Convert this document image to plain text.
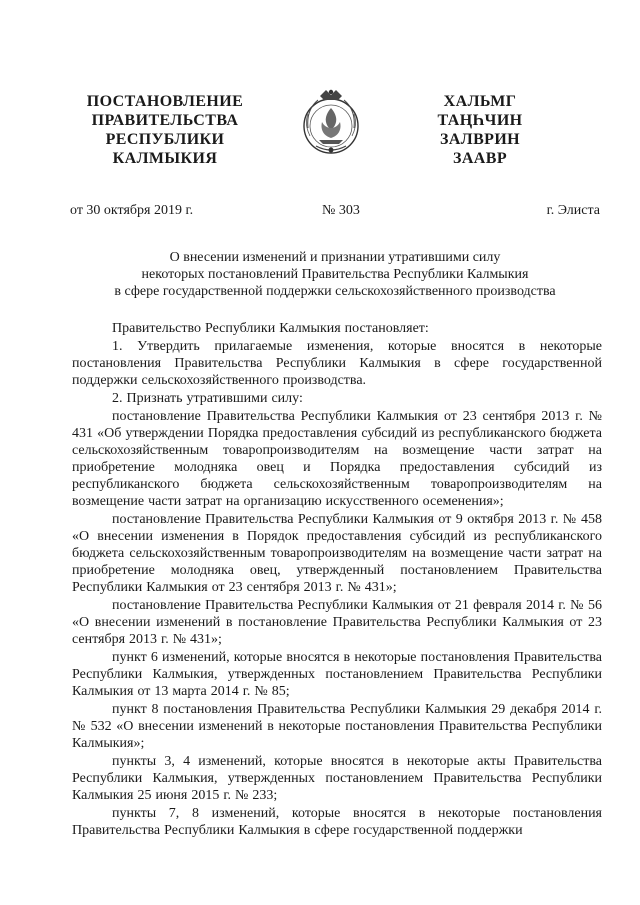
ПОСТАНОВЛЕНИЕ
ПРАВИТЕЛЬСТВА
РЕСПУБЛИКИ
КАЛМЫКИЯ
ХАЛЬМГ
ТАҢҺЧИН
ЗАЛВРИН
ЗААВР
от 30 октября 2019 г.	№ 303	г. Элиста
О внесении изменений и признании утратившими силу
некоторых постановлений Правительства Республики Калмыкия
в сфере государственной поддержки сельскохозяйственного производства

Правительство Республики Калмыкия постановляет:

1. Утвердить прилагаемые изменения, которые вносятся в некоторые постановления Правительства Республики Калмыкия в сфере государственной поддержки сельскохозяйственного производства.

2. Признать утратившими силу:

постановление Правительства Республики Калмыкия от 23 сентября 2013 г. № 431 «Об утверждении Порядка предоставления субсидий из республиканского бюджета сельскохозяйственным товаропроизводителям на возмещение части затрат на приобретение молодняка овец и Порядка предоставления субсидий из республиканского бюджета сельскохозяйственным товаропроизводителям на возмещение части затрат на организацию искусственного осеменения»;

постановление Правительства Республики Калмыкия от 9 октября 2013 г. № 458 «О внесении изменения в Порядок предоставления субсидий из республиканского бюджета сельскохозяйственным товаропроизводителям на возмещение части затрат на приобретение молодняка овец, утвержденный постановлением Правительства Республики Калмыкия от 23 сентября 2013 г. № 431»;

постановление Правительства Республики Калмыкия от 21 февраля 2014 г. № 56 «О внесении изменений в постановление Правительства Республики Калмыкия от 23 сентября 2013 г. № 431»;

пункт 6 изменений, которые вносятся в некоторые постановления Правительства Республики Калмыкия, утвержденных постановлением Правительства Республики Калмыкия от 13 марта 2014 г. № 85;

пункт 8 постановления Правительства Республики Калмыкия 29 декабря 2014 г. № 532 «О внесении изменений в некоторые постановления Правительства Республики Калмыкия»;

пункты 3, 4 изменений, которые вносятся в некоторые акты Правительства Республики Калмыкия, утвержденных постановлением Правительства Республики Калмыкия 25 июня 2015 г. № 233;

пункты 7, 8 изменений, которые вносятся в некоторые постановления Правительства Республики Калмыкия в сфере государственной поддержки
